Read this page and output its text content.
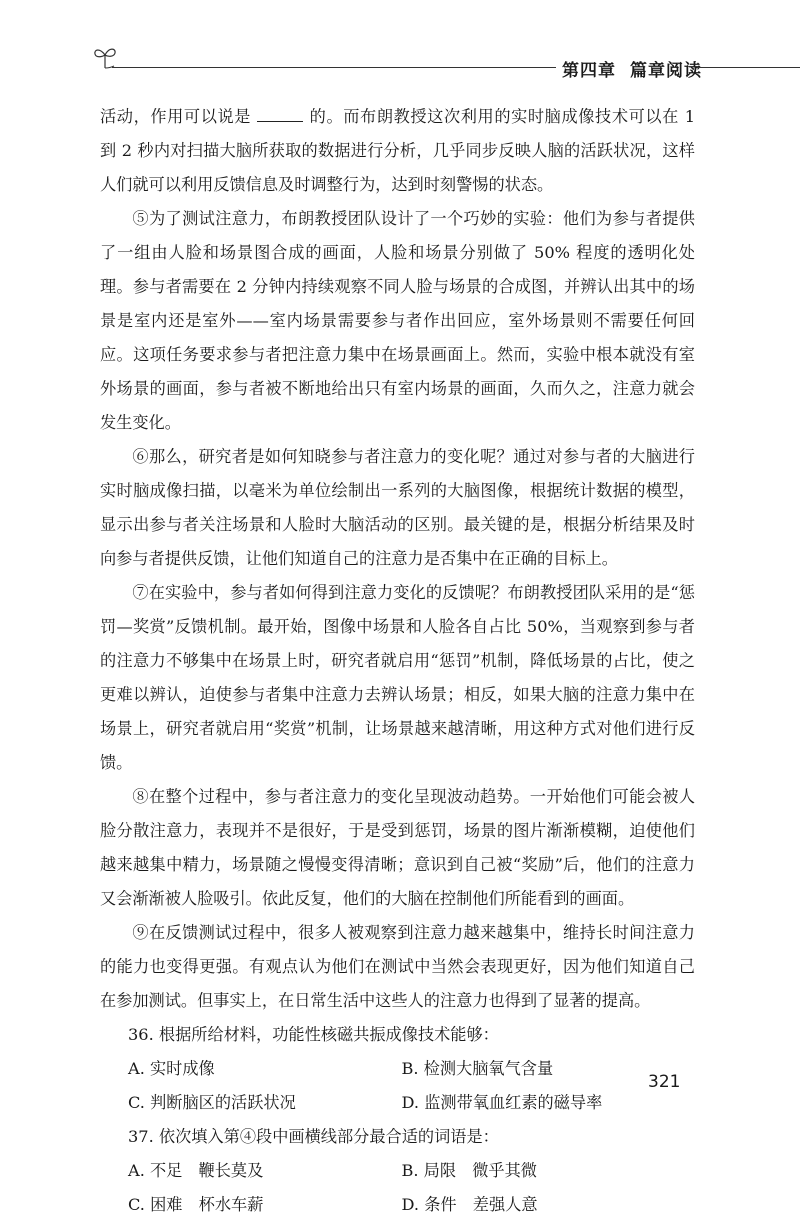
第四章 篇章阅读

活动，作用可以说是	的。而布朗教授这次利用的实时脑成像技术可以在 1 到 2 秒内对扫描大脑所获取的数据进行分析，几乎同步反映人脑的活跃状况，这样人们就可以利用反馈信息及时调整行为，达到时刻警惕的状态。

⑤为了测试注意力，布朗教授团队设计了一个巧妙的实验：他们为参与者提供了一组由人脸和场景图合成的画面，人脸和场景分别做了 50% 程度的透明化处理。参与者需要在 2 分钟内持续观察不同人脸与场景的合成图，并辨认出其中的场景是室内还是室外——室内场景需要参与者作出回应，室外场景则不需要任何回应。这项任务要求参与者把注意力集中在场景画面上。然而，实验中根本就没有室外场景的画面，参与者被不断地给出只有室内场景的画面，久而久之，注意力就会发生变化。

⑥那么，研究者是如何知晓参与者注意力的变化呢？通过对参与者的大脑进行实时脑成像扫描，以毫米为单位绘制出一系列的大脑图像，根据统计数据的模型，显示出参与者关注场景和人脸时大脑活动的区别。最关键的是，根据分析结果及时向参与者提供反馈，让他们知道自己的注意力是否集中在正确的目标上。

⑦在实验中，参与者如何得到注意力变化的反馈呢？布朗教授团队采用的是“惩罚—奖赏”反馈机制。最开始，图像中场景和人脸各自占比 50%，当观察到参与者的注意力不够集中在场景上时，研究者就启用“惩罚”机制，降低场景的占比，使之更难以辨认，迫使参与者集中注意力去辨认场景；相反，如果大脑的注意力集中在场景上，研究者就启用“奖赏”机制，让场景越来越清晰，用这种方式对他们进行反馈。

⑧在整个过程中，参与者注意力的变化呈现波动趋势。一开始他们可能会被人脸分散注意力，表现并不是很好，于是受到惩罚，场景的图片渐渐模糊，迫使他们越来越集中精力，场景随之慢慢变得清晰；意识到自己被“奖励”后，他们的注意力又会渐渐被人脸吸引。依此反复，他们的大脑在控制他们所能看到的画面。

⑨在反馈测试过程中，很多人被观察到注意力越来越集中，维持长时间注意力的能力也变得更强。有观点认为他们在测试中当然会表现更好，因为他们知道自己在参加测试。但事实上，在日常生活中这些人的注意力也得到了显著的提高。

36. 根据所给材料，功能性核磁共振成像技术能够：

A. 实时成像	B. 检测大脑氧气含量
C. 判断脑区的活跃状况	D. 监测带氧血红素的磁导率

37. 依次填入第④段中画横线部分最合适的词语是：

A. 不足　鞭长莫及	B. 局限　微乎其微
C. 困难　杯水车薪	D. 条件　差强人意
321
